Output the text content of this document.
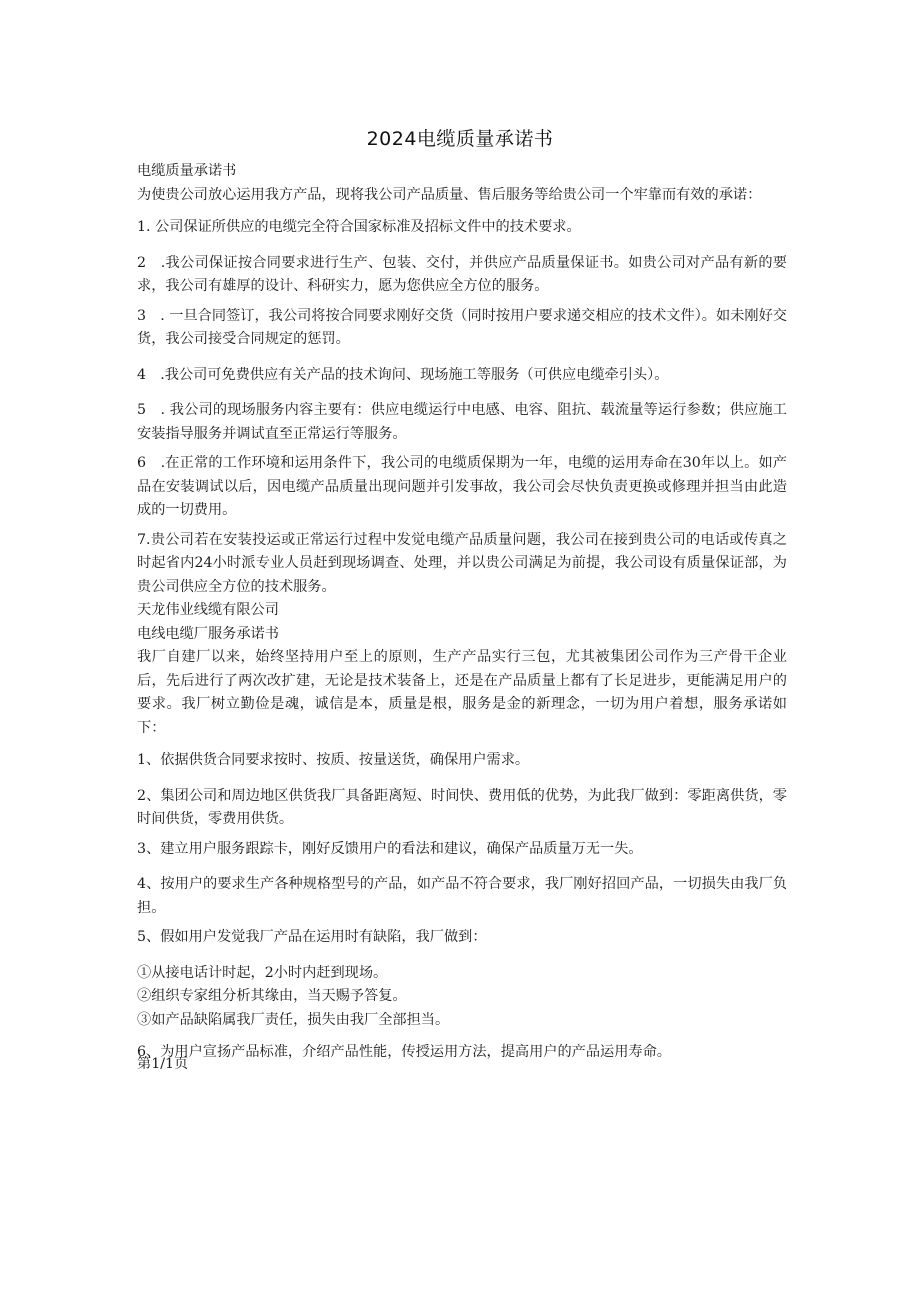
2024电缆质量承诺书

电缆质量承诺书

为使贵公司放心运用我方产品，现将我公司产品质量、售后服务等给贵公司一个牢靠而有效的承诺：

1. 公司保证所供应的电缆完全符合国家标准及招标文件中的技术要求。

2　.我公司保证按合同要求进行生产、包装、交付，并供应产品质量保证书。如贵公司对产品有新的要求，我公司有雄厚的设计、科研实力，愿为您供应全方位的服务。

3　. 一旦合同签订，我公司将按合同要求刚好交货（同时按用户要求递交相应的技术文件）。如未刚好交货，我公司接受合同规定的惩罚。

4　.我公司可免费供应有关产品的技术询问、现场施工等服务（可供应电缆牵引头）。

5　. 我公司的现场服务内容主要有：供应电缆运行中电感、电容、阻抗、载流量等运行参数；供应施工安装指导服务并调试直至正常运行等服务。

6　.在正常的工作环境和运用条件下，我公司的电缆质保期为一年，电缆的运用寿命在30年以上。如产品在安装调试以后，因电缆产品质量出现问题并引发事故，我公司会尽快负责更换或修理并担当由此造成的一切费用。

7.贵公司若在安装投运或正常运行过程中发觉电缆产品质量问题，我公司在接到贵公司的电话或传真之时起省内24小时派专业人员赶到现场调查、处理，并以贵公司满足为前提，我公司设有质量保证部，为贵公司供应全方位的技术服务。

天龙伟业线缆有限公司

电线电缆厂服务承诺书

我厂自建厂以来，始终坚持用户至上的原则，生产产品实行三包，尤其被集团公司作为三产骨干企业后，先后进行了两次改扩建，无论是技术装备上，还是在产品质量上都有了长足进步，更能满足用户的要求。我厂树立勤俭是魂，诚信是本，质量是根，服务是金的新理念，一切为用户着想，服务承诺如下：

1、依据供货合同要求按时、按质、按量送货，确保用户需求。

2、集团公司和周边地区供货我厂具备距离短、时间快、费用低的优势，为此我厂做到：零距离供货，零时间供货，零费用供货。

3、建立用户服务跟踪卡，刚好反馈用户的看法和建议，确保产品质量万无一失。

4、按用户的要求生产各种规格型号的产品，如产品不符合要求，我厂刚好招回产品，一切损失由我厂负担。

5、假如用户发觉我厂产品在运用时有缺陷，我厂做到：

①从接电话计时起，2小时内赶到现场。

②组织专家组分析其缘由，当天赐予答复。

③如产品缺陷属我厂责任，损失由我厂全部担当。

6、为用户宣扬产品标准，介绍产品性能，传授运用方法，提高用户的产品运用寿命。

第1/1页
